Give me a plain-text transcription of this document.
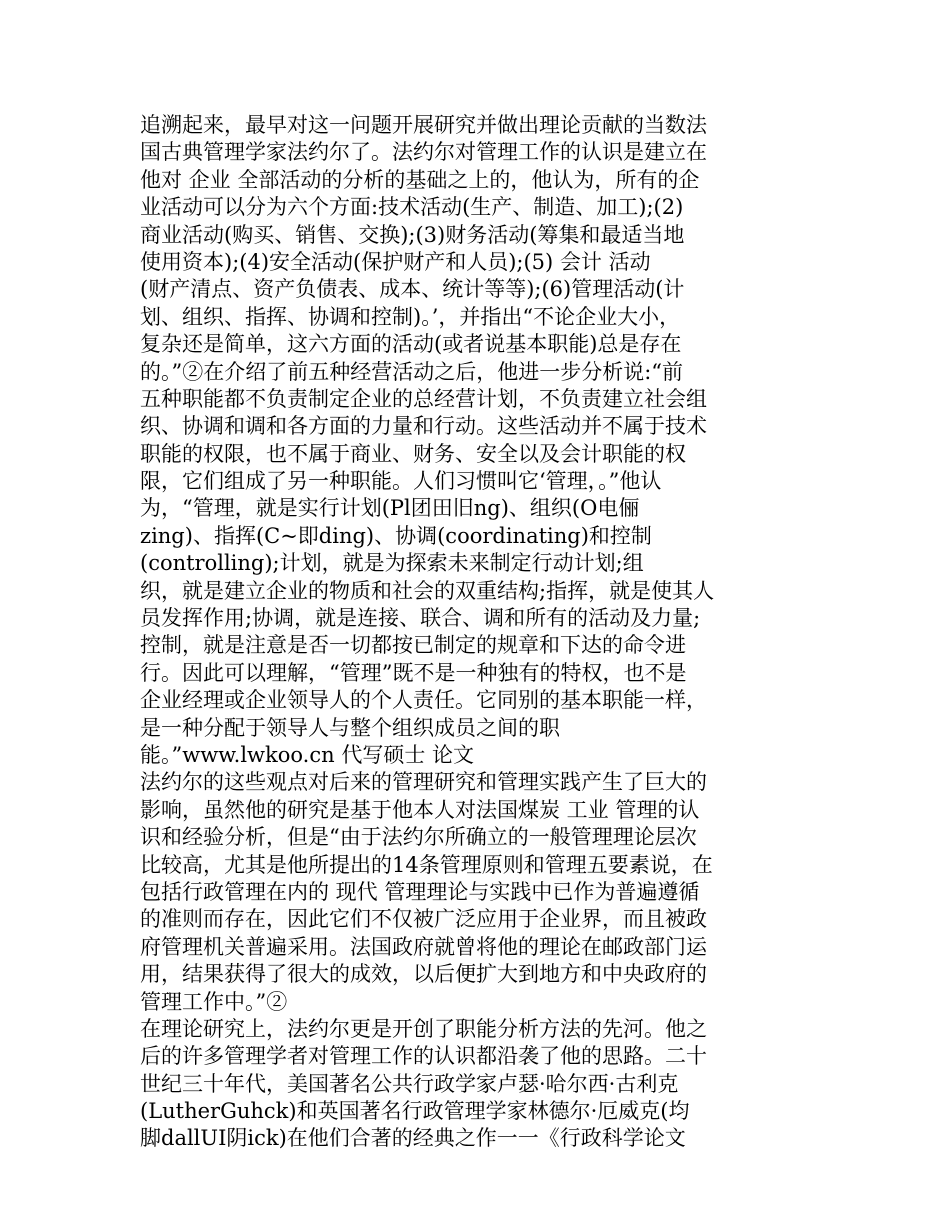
追溯起来，最早对这一问题开展研究并做出理论贡献的当数法
国古典管理学家法约尔了。法约尔对管理工作的认识是建立在
他对 企业 全部活动的分析的基础之上的，他认为，所有的企
业活动可以分为六个方面:技术活动(生产、制造、加工);(2)
商业活动(购买、销售、交换);(3)财务活动(筹集和最适当地
使用资本);(4)安全活动(保护财产和人员);(5) 会计 活动
(财产清点、资产负债表、成本、统计等等);(6)管理活动(计
划、组织、指挥、协调和控制)。’，并指出“不论企业大小，
复杂还是简单，这六方面的活动(或者说基本职能)总是存在
的。”②在介绍了前五种经营活动之后，他进一步分析说:“前
五种职能都不负责制定企业的总经营计划，不负责建立社会组
织、协调和调和各方面的力量和行动。这些活动并不属于技术
职能的权限，也不属于商业、财务、安全以及会计职能的权
限，它们组成了另一种职能。人们习惯叫它‘管理，。”他认
为，“管理，就是实行计划(Pl团田旧ng)、组织(O电俪
zing)、指挥(C~即ding)、协调(coordinating)和控制
(controlling);计划，就是为探索未来制定行动计划;组
织，就是建立企业的物质和社会的双重结构;指挥，就是使其人
员发挥作用;协调，就是连接、联合、调和所有的活动及力量;
控制，就是注意是否一切都按已制定的规章和下达的命令进
行。因此可以理解，“管理”既不是一种独有的特权，也不是
企业经理或企业领导人的个人责任。它同别的基本职能一样，
是一种分配于领导人与整个组织成员之间的职
能。”www.lwkoo.cn 代写硕士 论文
法约尔的这些观点对后来的管理研究和管理实践产生了巨大的
影响，虽然他的研究是基于他本人对法国煤炭 工业 管理的认
识和经验分析，但是“由于法约尔所确立的一般管理理论层次
比较高，尤其是他所提出的14条管理原则和管理五要素说，在
包括行政管理在内的 现代 管理理论与实践中已作为普遍遵循
的准则而存在，因此它们不仅被广泛应用于企业界，而且被政
府管理机关普遍采用。法国政府就曾将他的理论在邮政部门运
用，结果获得了很大的成效，以后便扩大到地方和中央政府的
管理工作中。”②
在理论研究上，法约尔更是开创了职能分析方法的先河。他之
后的许多管理学者对管理工作的认识都沿袭了他的思路。二十
世纪三十年代，美国著名公共行政学家卢瑟·哈尔西·古利克
(LutherGuhck)和英国著名行政管理学家林德尔·厄威克(均
脚dallUI阴ick)在他们合著的经典之作一一《行政科学论文
